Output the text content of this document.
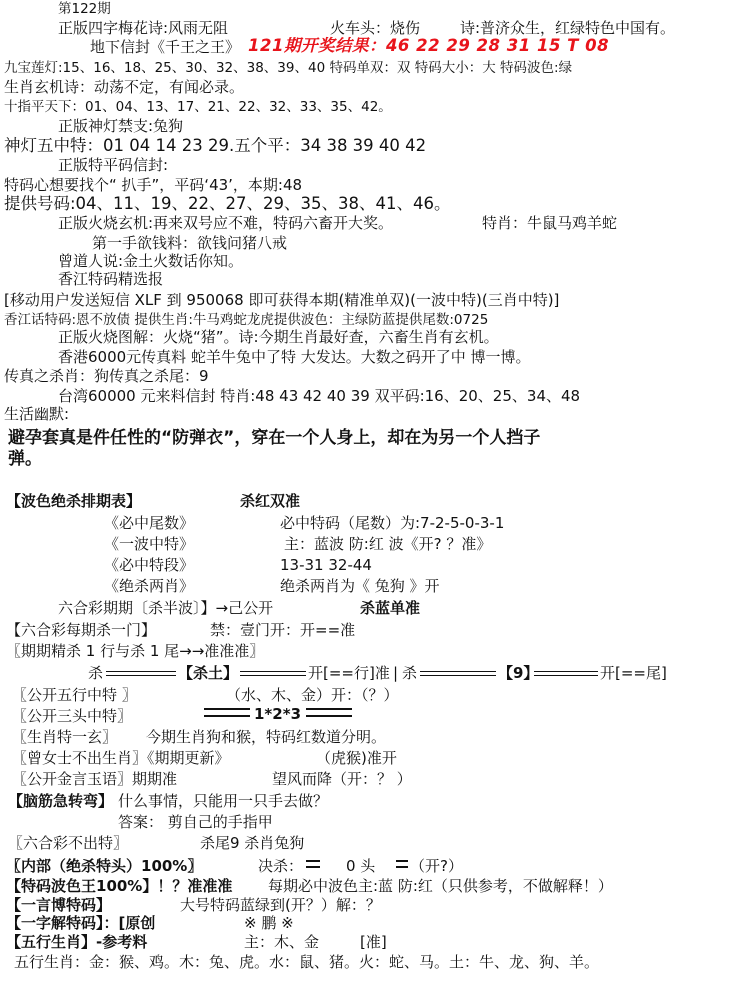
第122期
正版四字梅花诗:风雨无阻	火车头：烧伤	诗:普济众生，红绿特色中国有。
地下信封《千王之王》 121期开奖结果：46 22 29 28 31 15 T 08
九宝莲灯:15、16、18、25、30、32、38、39、40 特码单双：双 特码大小：大 特码波色:绿
生肖玄机诗：动荡不定，有闻必录。
十指平天下：01、04、13、17、21、22、32、33、35、42。
正版神灯禁支:兔狗
神灯五中特：01 04 14 23 29.五个平：34 38 39 40 42
正版特平码信封:
特码心想要找个“ 扒手”，平码‘43’，本期:48
提供号码:04、11、19、22、27、29、35、38、41、46。
正版火烧玄机:再来双号应不难，特码六畜开大奖。	特肖：牛鼠马鸡羊蛇
第一手欲钱料：欲钱问猪八戒
曾道人说:金土火数话你知。
香江特码精选报
[移动用户发送短信 XLF 到 950068 即可获得本期(精准单双)(一波中特)(三肖中特)]
香江话特码:恩不放债 提供生肖:牛马鸡蛇龙虎提供波色：主绿防蓝提供尾数:0725
正版火烧图解：火烧“猪”。诗:今期生肖最好查，六畜生肖有玄机。
香港6000元传真料 蛇羊牛兔中了特 大发达。大数之码开了中 博一博。
传真之杀肖：狗传真之杀尾：9
台湾60000 元来料信封 特肖:48 43 42 40 39 双平码:16、20、25、34、48
生活幽默:
避孕套真是件任性的“防弹衣”，穿在一个人身上，却在为另一个人挡子
弹。
【波色绝杀排期表】	杀红双准
《必中尾数》	必中特码（尾数）为:7-2-5-0-3-1
《一波中特》	主：蓝波 防:红 波《开? ？准》
《必中特段》	13-31 32-44
《绝杀两肖》	绝杀两肖为《 兔狗 》开
六合彩期期〔杀半波〕】→己公开	杀蓝单准
【六合彩每期杀一门】	禁：壹门开：开==准
〖期期精杀 1 行与杀 1 尾→→准准准〗
杀	【杀土】	开[==行]准 | 杀	【9】	开[==尾]
〖公开五行中特 〗	（水、木、金）开：（？）
〖公开三头中特〗	1*2*3
〖生肖特一玄〗 今期生肖狗和猴，特码红数道分明。
〖曾女士不出生肖〗《期期更新》	（虎猴)准开
〖公开金言玉语〗期期准	望风而降（开：？ ）
【脑筋急转弯】 什么事情，只能用一只手去做？
答案： 剪自己的手指甲
〖六合彩不出特〗	杀尾9 杀肖兔狗
〖内部（绝杀特头）100%〗	决杀：	0 头 （开?）
【特码波色王100%】！？准准准 每期必中波色主:蓝 防:红（只供参考，不做解释！）
【一言博特码】	大号特码蓝绿到(开？）解：？
【一字解特码】：[原创	※ 鹏 ※
【五行生肖】-参考料	主：木、金	[准]
五行生肖：金：猴、鸡。木：兔、虎。水：鼠、猪。火：蛇、马。土：牛、龙、狗、羊。
